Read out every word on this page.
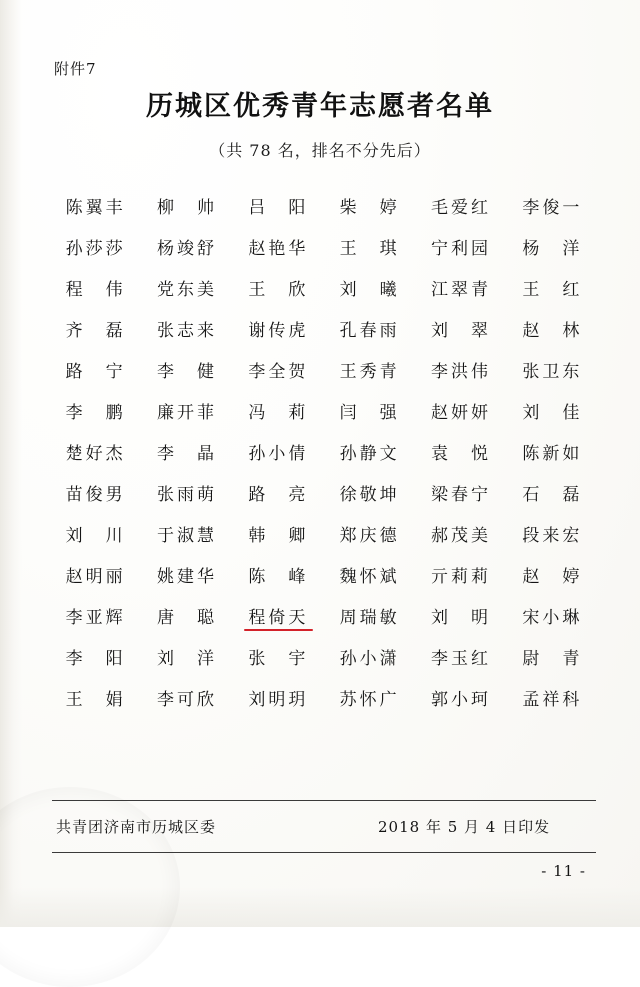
附件7
历城区优秀青年志愿者名单
（共 78 名，排名不分先后）
陈翼丰	柳　帅	吕　阳	柴　婷	毛爱红	李俊一
孙莎莎	杨竣舒	赵艳华	王　琪	宁利园	杨　洋
程　伟	党东美	王　欣	刘　曦	江翠青	王　红
齐　磊	张志来	谢传虎	孔春雨	刘　翠	赵　林
路　宁	李　健	李全贺	王秀青	李洪伟	张卫东
李　鹏	廉开菲	冯　莉	闫　强	赵妍妍	刘　佳
楚好杰	李　晶	孙小倩	孙静文	袁　悦	陈新如
苗俊男	张雨萌	路　亮	徐敬坤	梁春宁	石　磊
刘　川	于淑慧	韩　卿	郑庆德	郝茂美	段来宏
赵明丽	姚建华	陈　峰	魏怀斌	亓莉莉	赵　婷
李亚辉	唐　聪	程倚天	周瑞敏	刘　明	宋小琳
李　阳	刘　洋	张　宇	孙小潇	李玉红	尉　青
王　娟	李可欣	刘明玥	苏怀广	郭小珂	孟祥科
共青团济南市历城区委	2018 年 5 月 4 日印发
- 11 -
